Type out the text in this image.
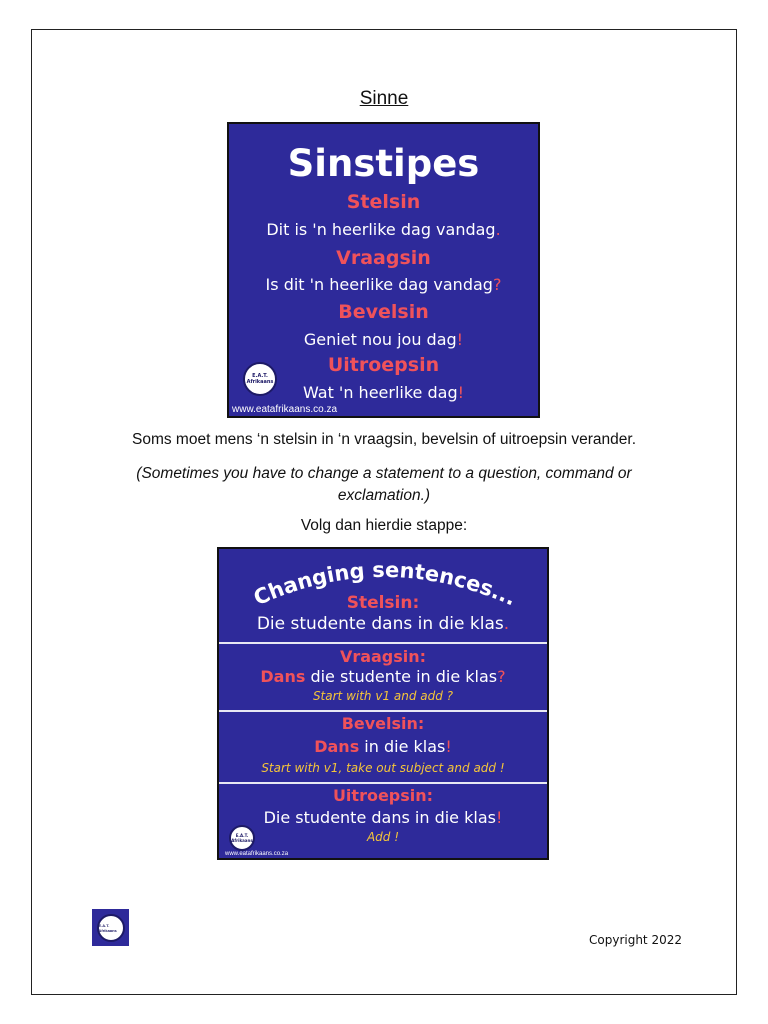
Sinne
Sinstipes
Stelsin
Dit is 'n heerlike dag vandag.
Vraagsin
Is dit 'n heerlike dag vandag?
Bevelsin
Geniet nou jou dag!
Uitroepsin
Wat 'n heerlike dag!
E.A.T. Afrikaans
www.eatafrikaans.co.za
Soms moet mens ‘n stelsin in ‘n vraagsin, bevelsin of uitroepsin verander.
(Sometimes you have to change a statement to a question, command or exclamation.)
Volg dan hierdie stappe:
Changing sentences...
Stelsin:
Die studente dans in die klas.
Vraagsin:
Dans die studente in die klas?
Start with v1 and add ?
Bevelsin:
Dans in die klas!
Start with v1, take out subject and add !
Uitroepsin:
Die studente dans in die klas!
Add !
E.A.T. Afrikaans
www.eatafrikaans.co.za
E.A.T. Afrikaans
Copyright 2022
